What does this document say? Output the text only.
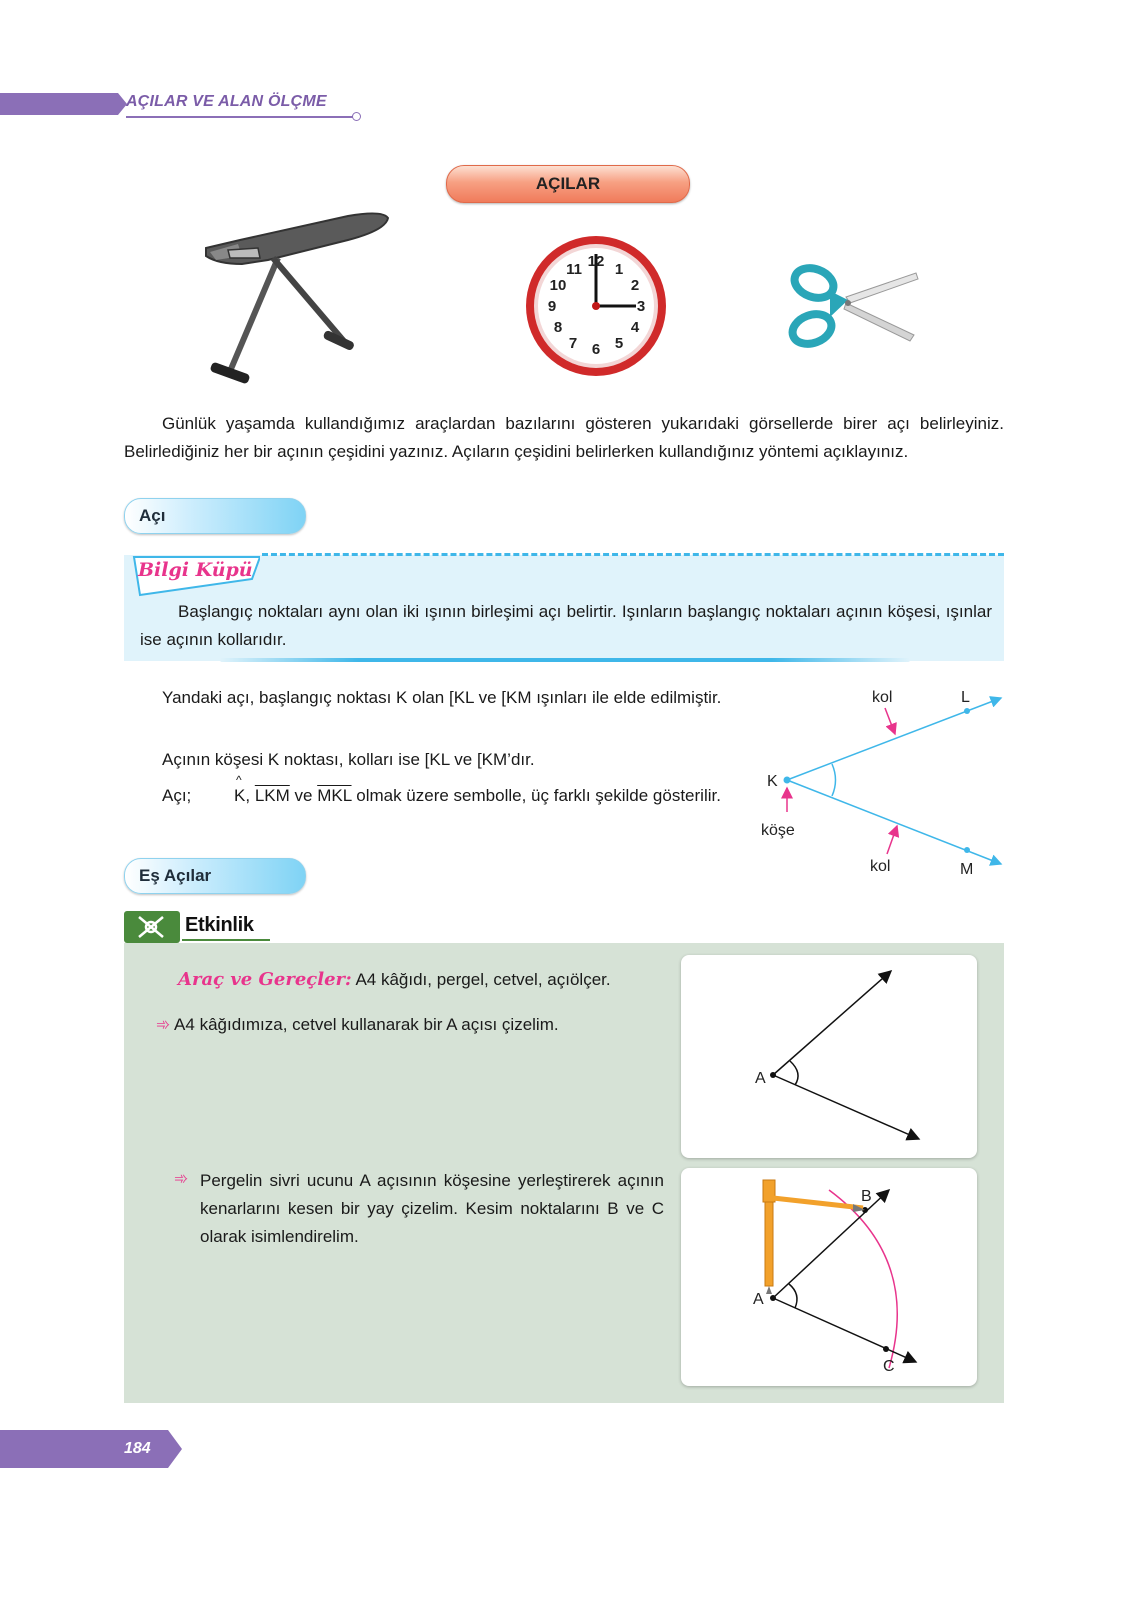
AÇILAR VE ALAN ÖLÇME
AÇILAR
12 1
2
3
4
5
6
7
8
9
10
11
Günlük yaşamda kullandığımız araçlardan bazılarını gösteren yukarıdaki görsellerde birer açı belirleyiniz. Belirlediğiniz her bir açının çeşidini yazınız. Açıların çeşidini belirlerken kullandığınız yöntemi açıklayınız.
Açı
Bilgi Küpü
Başlangıç noktaları aynı olan iki ışının birleşimi açı belirtir. Işınların başlangıç noktaları açının köşesi, ışınlar ise açının kollarıdır.
Yandaki açı, başlangıç noktası K olan [KL ve [KM ışınları ile elde edilmiştir.
Açının köşesi K noktası, kolları ise [KL ve [KM’dır.
Açı;
^
K, $\overline{LKM}$ ve $\overline{MKL}$ olmak üzere sembolle, üç farklı şekilde gösterilir.
kol	L
K
köşe
kol	M
Eş Açılar
Etkinlik
Araç ve Gereçler: A4 kâğıdı, pergel, cetvel, açıölçer.
➾ A4 kâğıdımıza, cetvel kullanarak bir A açısı çizelim.
Pergelin sivri ucunu A açısının köşesine yerleştirerek açının kenarlarını kesen bir yay çizelim. Kesim noktalarını B ve C olarak isimlendirelim.
➾
A
A
B
C
184
